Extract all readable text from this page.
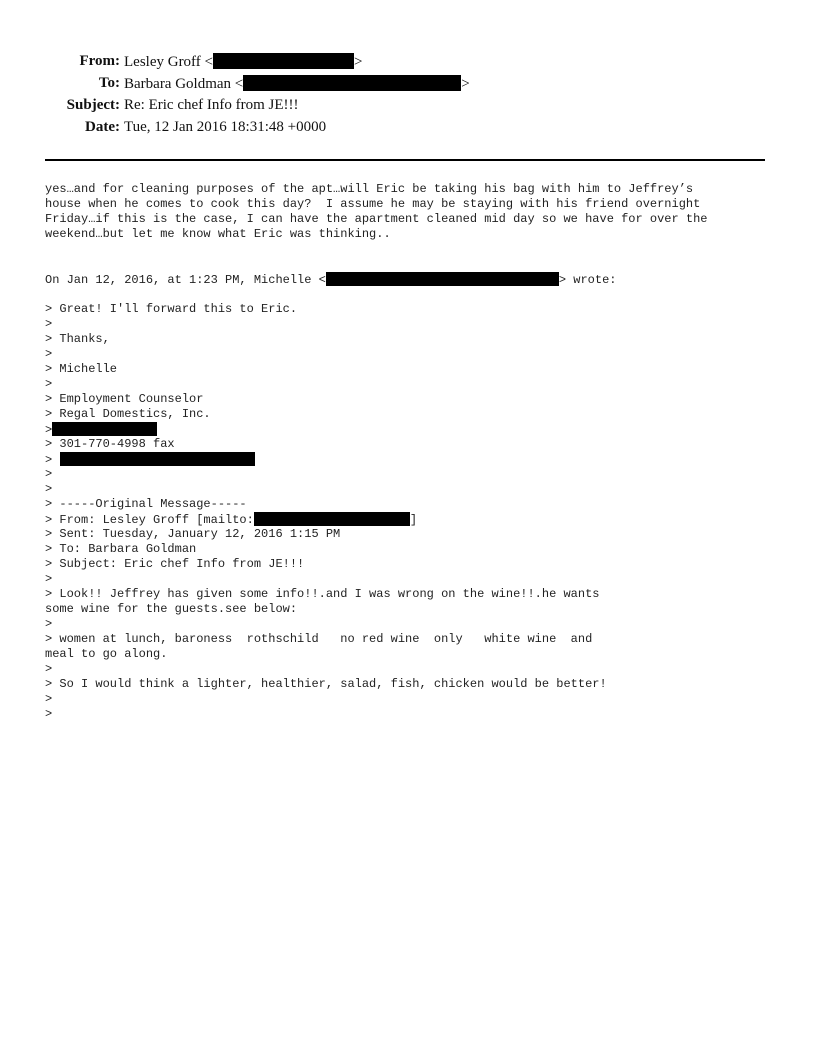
From: Lesley Groff <	>
To: Barbara Goldman <	>
Subject: Re: Eric chef Info from JE!!!
Date: Tue, 12 Jan 2016 18:31:48 +0000
yes…and for cleaning purposes of the apt…will Eric be taking his bag with him to Jeffrey’s
house when he comes to cook this day?  I assume he may be staying with his friend overnight
Friday…if this is the case, I can have the apartment cleaned mid day so we have for over the
weekend…but let me know what Eric was thinking..
On Jan 12, 2016, at 1:23 PM, Michelle <	> wrote:
> Great! I'll forward this to Eric.
>
> Thanks,
>
> Michelle
>
> Employment Counselor
> Regal Domestics, Inc.
>
> 301-770-4998 fax
>
>
>
> -----Original Message-----
> From: Lesley Groff [mailto:	]
> Sent: Tuesday, January 12, 2016 1:15 PM
> To: Barbara Goldman
> Subject: Eric chef Info from JE!!!
>
> Look!! Jeffrey has given some info!!.and I was wrong on the wine!!.he wants
some wine for the guests.see below:
>
> women at lunch, baroness  rothschild   no red wine  only   white wine  and
meal to go along.
>
> So I would think a lighter, healthier, salad, fish, chicken would be better!
>
>
